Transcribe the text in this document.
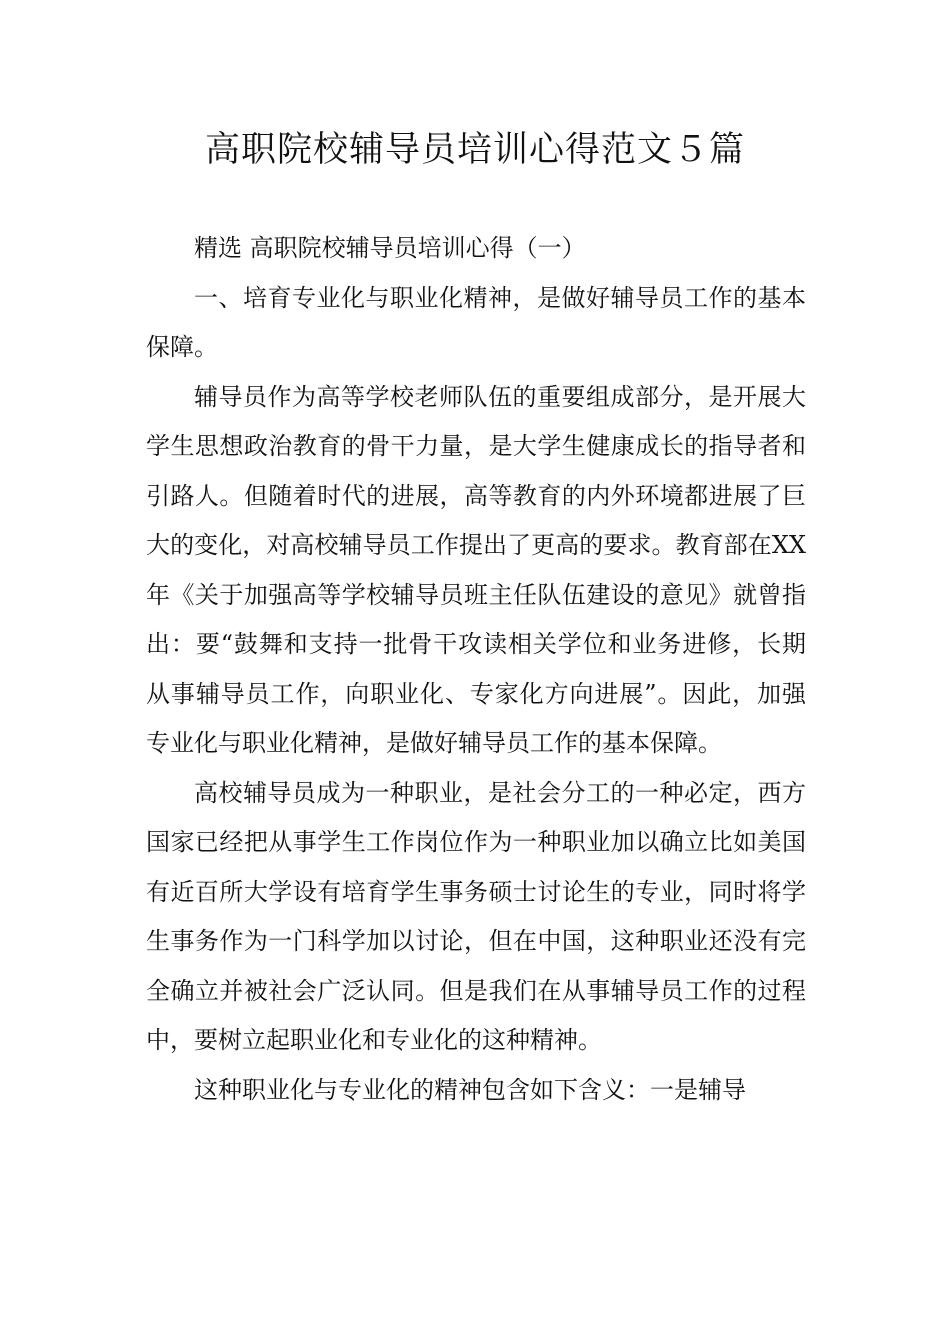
高职院校辅导员培训心得范文５篇

精选 高职院校辅导员培训心得（一）

一、培育专业化与职业化精神，是做好辅导员工作的基本保障。

辅导员作为高等学校老师队伍的重要组成部分，是开展大学生思想政治教育的骨干力量，是大学生健康成长的指导者和引路人。但随着时代的进展，高等教育的内外环境都进展了巨大的变化，对高校辅导员工作提出了更高的要求。教育部在XX年《关于加强高等学校辅导员班主任队伍建设的意见》就曾指出：要“鼓舞和支持一批骨干攻读相关学位和业务进修，长期从事辅导员工作，向职业化、专家化方向进展”。因此，加强专业化与职业化精神，是做好辅导员工作的基本保障。

高校辅导员成为一种职业，是社会分工的一种必定，西方国家已经把从事学生工作岗位作为一种职业加以确立比如美国有近百所大学设有培育学生事务硕士讨论生的专业，同时将学生事务作为一门科学加以讨论，但在中国，这种职业还没有完全确立并被社会广泛认同。但是我们在从事辅导员工作的过程中，要树立起职业化和专业化的这种精神。

这种职业化与专业化的精神包含如下含义：一是辅导
